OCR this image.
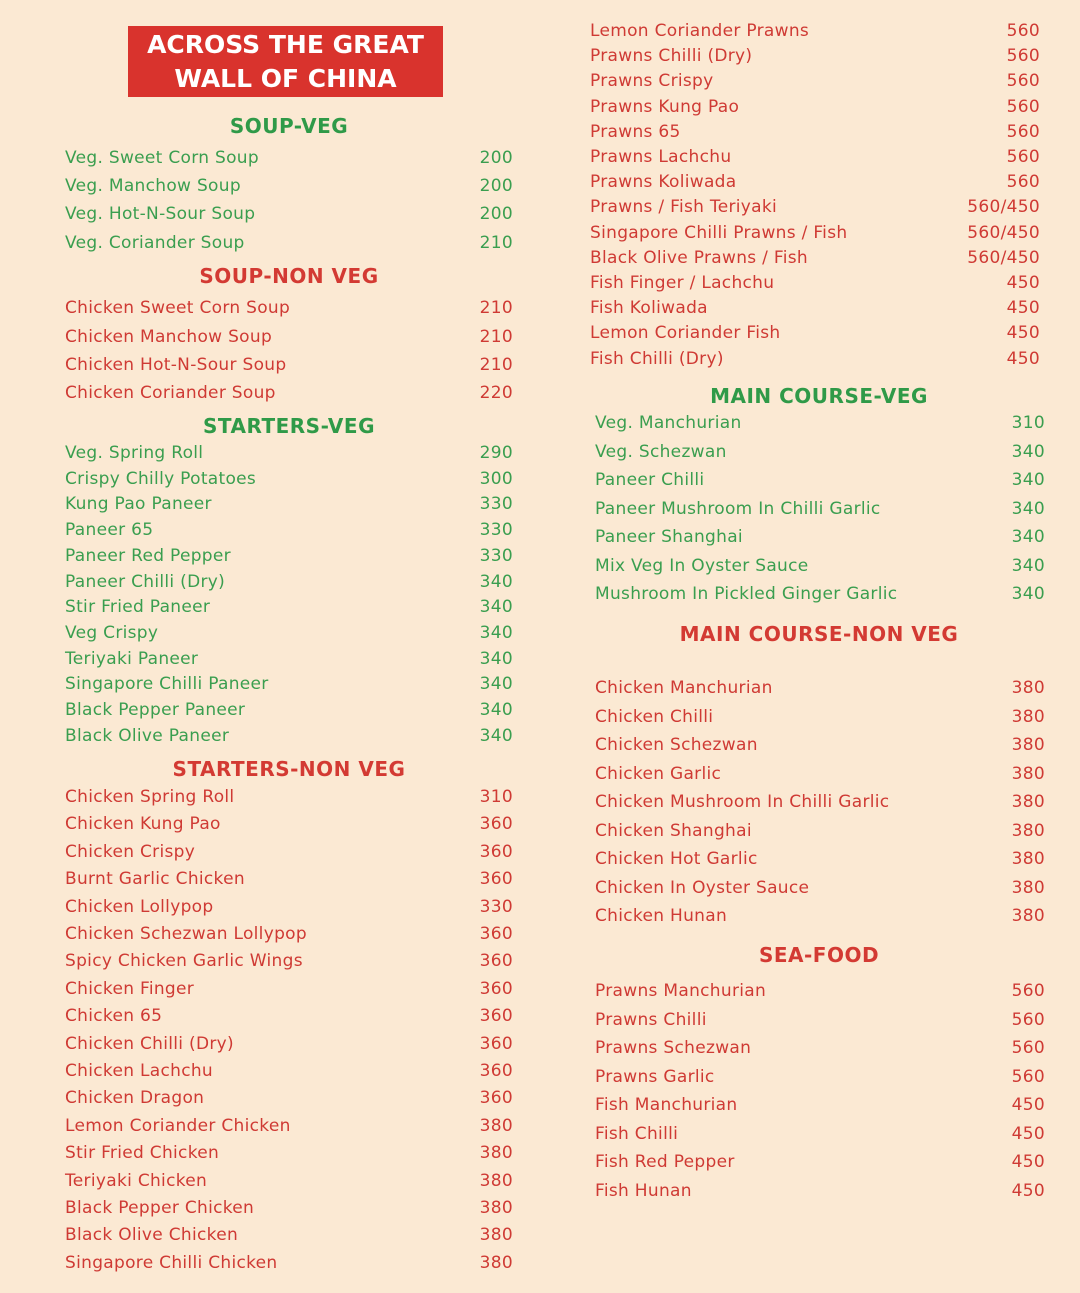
ACROSS THE GREAT
WALL OF CHINA
SOUP-VEG
Veg. Sweet Corn Soup	200
Veg. Manchow Soup	200
Veg. Hot-N-Sour Soup	200
Veg. Coriander Soup	210
SOUP-NON VEG
Chicken Sweet Corn Soup	210
Chicken Manchow Soup	210
Chicken Hot-N-Sour Soup	210
Chicken Coriander Soup	220
STARTERS-VEG
Veg. Spring Roll	290
Crispy Chilly Potatoes	300
Kung Pao Paneer	330
Paneer 65	330
Paneer Red Pepper	330
Paneer Chilli (Dry)	340
Stir Fried Paneer	340
Veg Crispy	340
Teriyaki Paneer	340
Singapore Chilli Paneer	340
Black Pepper Paneer	340
Black Olive Paneer	340
STARTERS-NON VEG
Chicken Spring Roll	310
Chicken Kung Pao	360
Chicken Crispy	360
Burnt Garlic Chicken	360
Chicken Lollypop	330
Chicken Schezwan Lollypop	360
Spicy Chicken Garlic Wings	360
Chicken Finger	360
Chicken 65	360
Chicken Chilli (Dry)	360
Chicken Lachchu	360
Chicken Dragon	360
Lemon Coriander Chicken	380
Stir Fried Chicken	380
Teriyaki Chicken	380
Black Pepper Chicken	380
Black Olive Chicken	380
Singapore Chilli Chicken	380
Lemon Coriander Prawns	560
Prawns Chilli (Dry)	560
Prawns Crispy	560
Prawns Kung Pao	560
Prawns 65	560
Prawns Lachchu	560
Prawns Koliwada	560
Prawns / Fish Teriyaki	560/450
Singapore Chilli Prawns / Fish	560/450
Black Olive Prawns / Fish	560/450
Fish Finger / Lachchu	450
Fish Koliwada	450
Lemon Coriander Fish	450
Fish Chilli (Dry)	450
MAIN COURSE-VEG
Veg. Manchurian	310
Veg. Schezwan	340
Paneer Chilli	340
Paneer Mushroom In Chilli Garlic	340
Paneer Shanghai	340
Mix Veg In Oyster Sauce	340
Mushroom In Pickled Ginger Garlic	340
MAIN COURSE-NON VEG
Chicken Manchurian	380
Chicken Chilli	380
Chicken Schezwan	380
Chicken Garlic	380
Chicken Mushroom In Chilli Garlic	380
Chicken Shanghai	380
Chicken Hot Garlic	380
Chicken In Oyster Sauce	380
Chicken Hunan	380
SEA-FOOD
Prawns Manchurian	560
Prawns Chilli	560
Prawns Schezwan	560
Prawns Garlic	560
Fish Manchurian	450
Fish Chilli	450
Fish Red Pepper	450
Fish Hunan	450
